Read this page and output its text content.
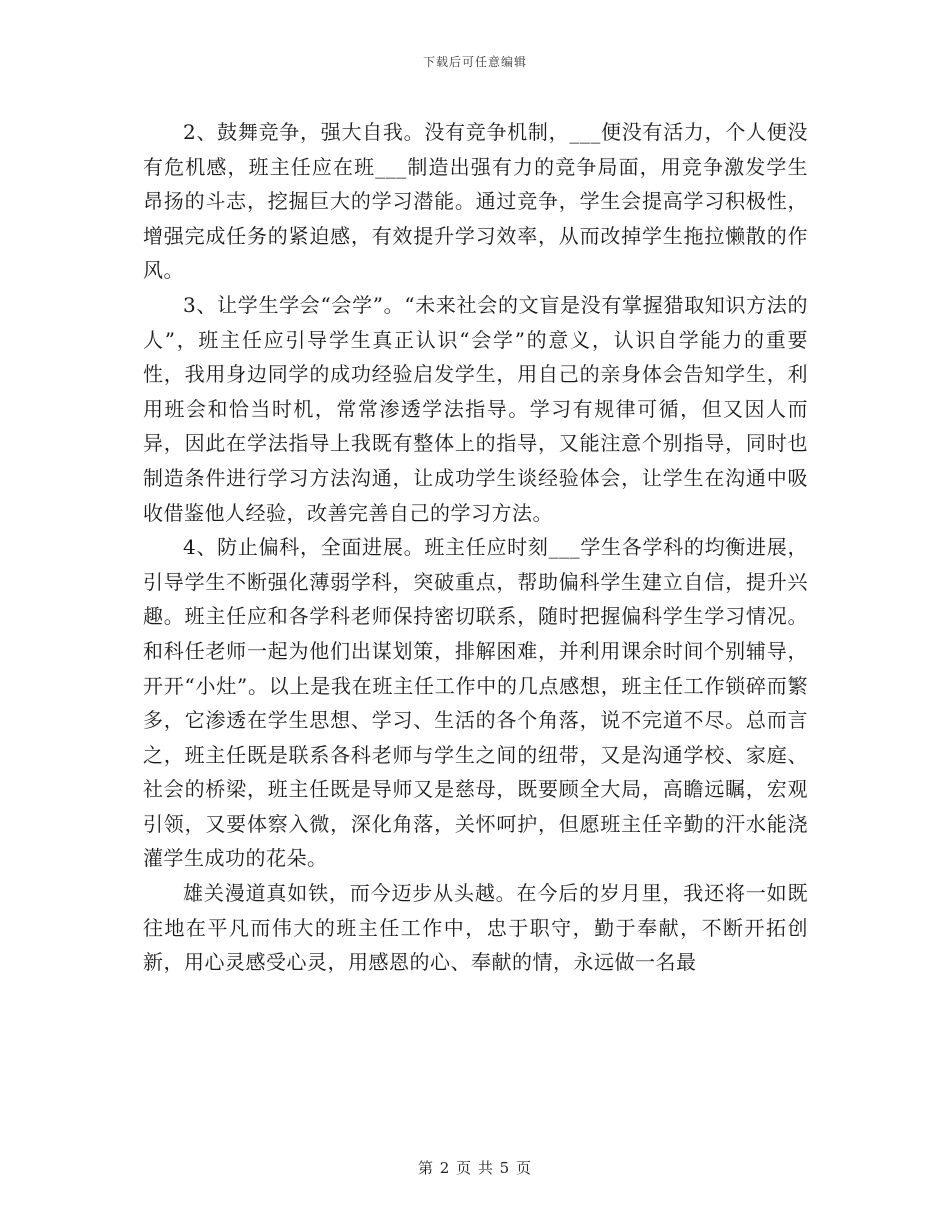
下载后可任意编辑

2、鼓舞竞争，强大自我。没有竞争机制，___便没有活力，个人便没有危机感，班主任应在班___制造出强有力的竞争局面，用竞争激发学生昂扬的斗志，挖掘巨大的学习潜能。通过竞争，学生会提高学习积极性，增强完成任务的紧迫感，有效提升学习效率，从而改掉学生拖拉懒散的作风。

3、让学生学会“会学”。“未来社会的文盲是没有掌握猎取知识方法的人”，班主任应引导学生真正认识“会学”的意义，认识自学能力的重要性，我用身边同学的成功经验启发学生，用自己的亲身体会告知学生，利用班会和恰当时机，常常渗透学法指导。学习有规律可循，但又因人而异，因此在学法指导上我既有整体上的指导，又能注意个别指导，同时也制造条件进行学习方法沟通，让成功学生谈经验体会，让学生在沟通中吸收借鉴他人经验，改善完善自己的学习方法。

4、防止偏科，全面进展。班主任应时刻___学生各学科的均衡进展，引导学生不断强化薄弱学科，突破重点，帮助偏科学生建立自信，提升兴趣。班主任应和各学科老师保持密切联系，随时把握偏科学生学习情况。和科任老师一起为他们出谋划策，排解困难，并利用课余时间个别辅导，开开“小灶”。以上是我在班主任工作中的几点感想，班主任工作锁碎而繁多，它渗透在学生思想、学习、生活的各个角落，说不完道不尽。总而言之，班主任既是联系各科老师与学生之间的纽带，又是沟通学校、家庭、社会的桥梁，班主任既是导师又是慈母，既要顾全大局，高瞻远瞩，宏观引领，又要体察入微，深化角落，关怀呵护，但愿班主任辛勤的汗水能浇灌学生成功的花朵。

雄关漫道真如铁，而今迈步从头越。在今后的岁月里，我还将一如既往地在平凡而伟大的班主任工作中，忠于职守，勤于奉献，不断开拓创新，用心灵感受心灵，用感恩的心、奉献的情，永远做一名最

第 2 页 共 5 页
